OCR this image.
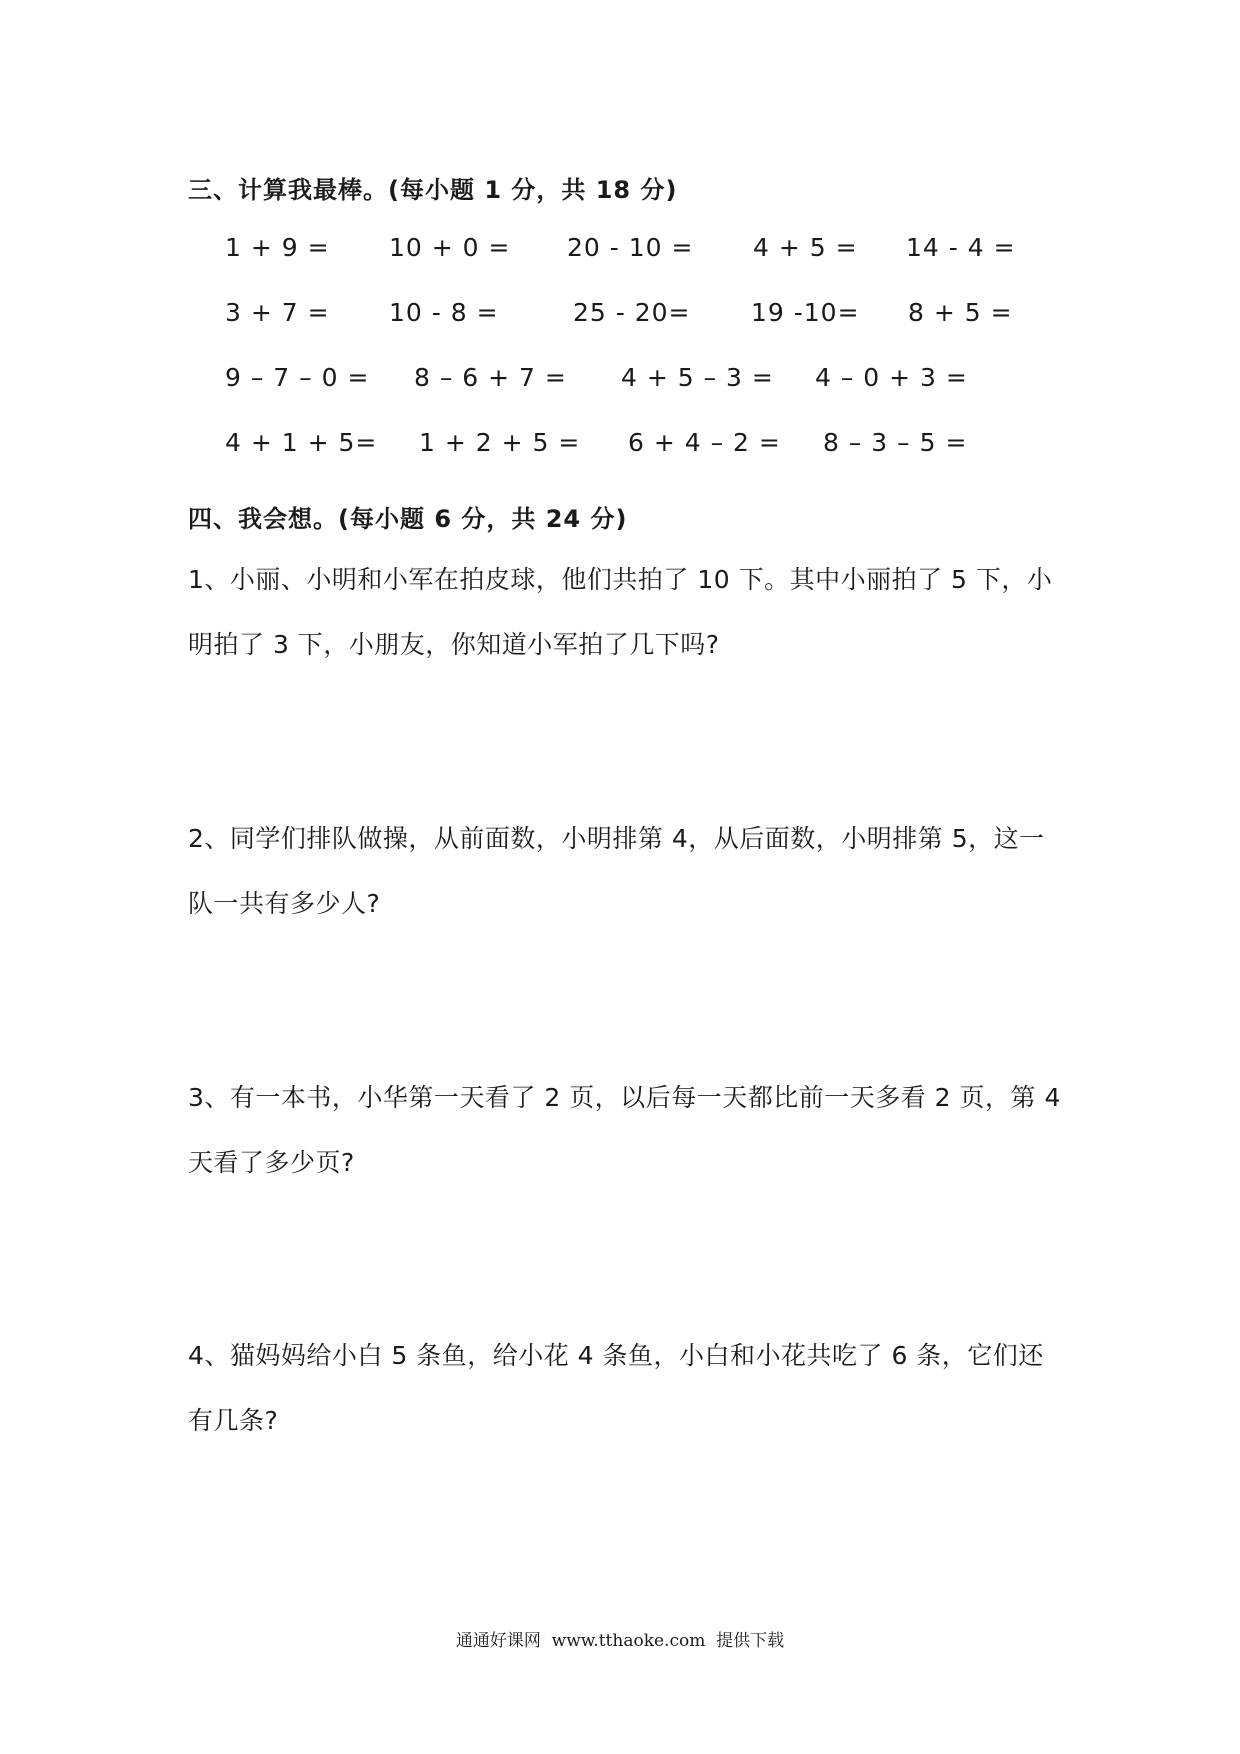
三、计算我最棒。(每小题 1 分，共 18 分)
1 + 9 = 10 + 0 = 20 - 10 = 4 + 5 = 14 - 4 =
3 + 7 = 10 - 8 =	25 - 20= 19 -10= 8 + 5 =
9 – 7 – 0 = 8 – 6 + 7 = 4 + 5 – 3 = 4 – 0 + 3 =
4 + 1 + 5= 1 + 2 + 5 = 6 + 4 – 2 = 8 – 3 – 5 =
四、我会想。(每小题 6 分，共 24 分)
1、小丽、小明和小军在拍皮球，他们共拍了 10 下。其中小丽拍了 5 下，小明拍了 3 下，小朋友，你知道小军拍了几下吗?
2、同学们排队做操，从前面数，小明排第 4，从后面数，小明排第 5，这一队一共有多少人?
3、有一本书，小华第一天看了 2 页，以后每一天都比前一天多看 2 页，第 4 天看了多少页?
4、猫妈妈给小白 5 条鱼，给小花 4 条鱼，小白和小花共吃了 6 条，它们还有几条?
通通好课网  www.tthaoke.com  提供下载
